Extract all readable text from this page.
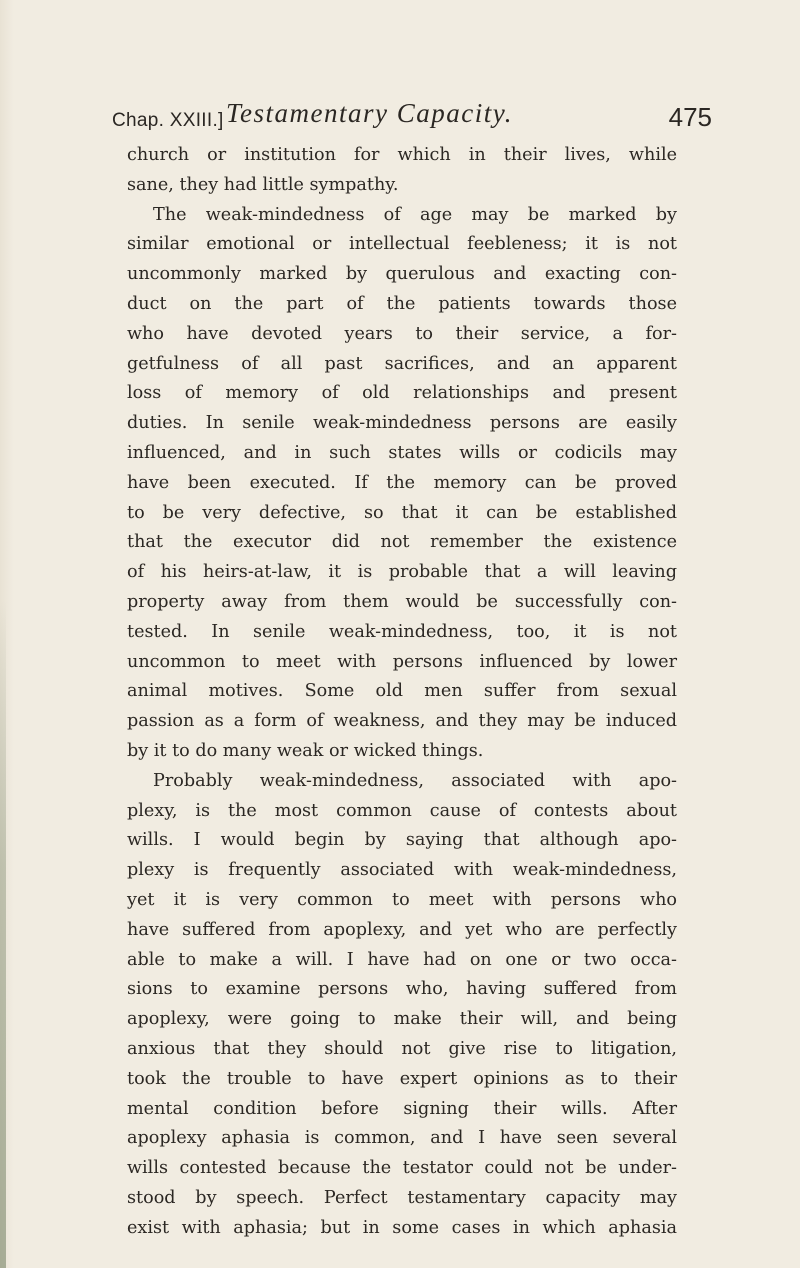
Chap. XXIII.] Testamentary Capacity.	475
church or institution for which in their lives, while
sane, they had little sympathy.
The weak-mindedness of age may be marked by
similar emotional or intellectual feebleness; it is not
uncommonly marked by querulous and exacting con-
duct on the part of the patients towards those
who have devoted years to their service, a for-
getfulness of all past sacrifices, and an apparent
loss of memory of old relationships and present
duties. In senile weak-mindedness persons are easily
influenced, and in such states wills or codicils may
have been executed. If the memory can be proved
to be very defective, so that it can be established
that the executor did not remember the existence
of his heirs-at-law, it is probable that a will leaving
property away from them would be successfully con-
tested. In senile weak-mindedness, too, it is not
uncommon to meet with persons influenced by lower
animal motives. Some old men suffer from sexual
passion as a form of weakness, and they may be induced
by it to do many weak or wicked things.
Probably weak-mindedness, associated with apo-
plexy, is the most common cause of contests about
wills. I would begin by saying that although apo-
plexy is frequently associated with weak-mindedness,
yet it is very common to meet with persons who
have suffered from apoplexy, and yet who are perfectly
able to make a will. I have had on one or two occa-
sions to examine persons who, having suffered from
apoplexy, were going to make their will, and being
anxious that they should not give rise to litigation,
took the trouble to have expert opinions as to their
mental condition before signing their wills. After
apoplexy aphasia is common, and I have seen several
wills contested because the testator could not be under-
stood by speech. Perfect testamentary capacity may
exist with aphasia; but in some cases in which aphasia
